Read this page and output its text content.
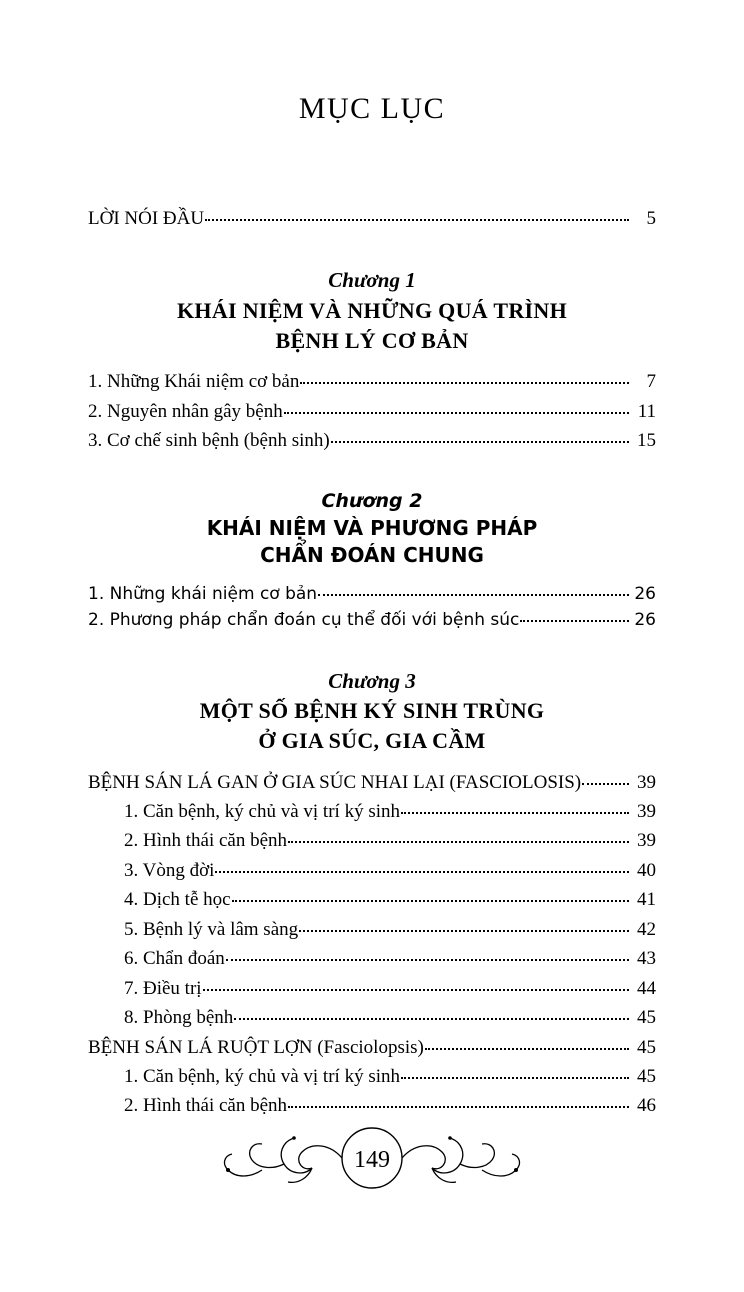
MỤC LỤC
LỜI NÓI ĐẦU	5
Chương 1
KHÁI NIỆM VÀ NHỮNG QUÁ TRÌNH
BỆNH LÝ CƠ BẢN
1. Những Khái niệm cơ bản	7
2. Nguyên nhân gây bệnh	11
3. Cơ chế sinh bệnh (bệnh sinh)	15
Chương 2
KHÁI NIỆM VÀ PHƯƠNG PHÁP
CHẨN ĐOÁN CHUNG
1. Những khái niệm cơ bản	26
2. Phương pháp chẩn đoán cụ thể đối với bệnh súc	26
Chương 3
MỘT SỐ BỆNH KÝ SINH TRÙNG
Ở GIA SÚC, GIA CẦM
BỆNH SÁN LÁ GAN Ở GIA SÚC NHAI LẠI (FASCIOLOSIS)	39
1. Căn bệnh, ký chủ và vị trí ký sinh	39
2. Hình thái căn bệnh	39
3. Vòng đời	40
4. Dịch tễ học	41
5. Bệnh lý và lâm sàng	42
6. Chẩn đoán	43
7. Điều trị	44
8. Phòng bệnh	45
BỆNH SÁN LÁ RUỘT LỢN (Fasciolopsis)	45
1. Căn bệnh, ký chủ và vị trí ký sinh	45
2. Hình thái căn bệnh	46
149
